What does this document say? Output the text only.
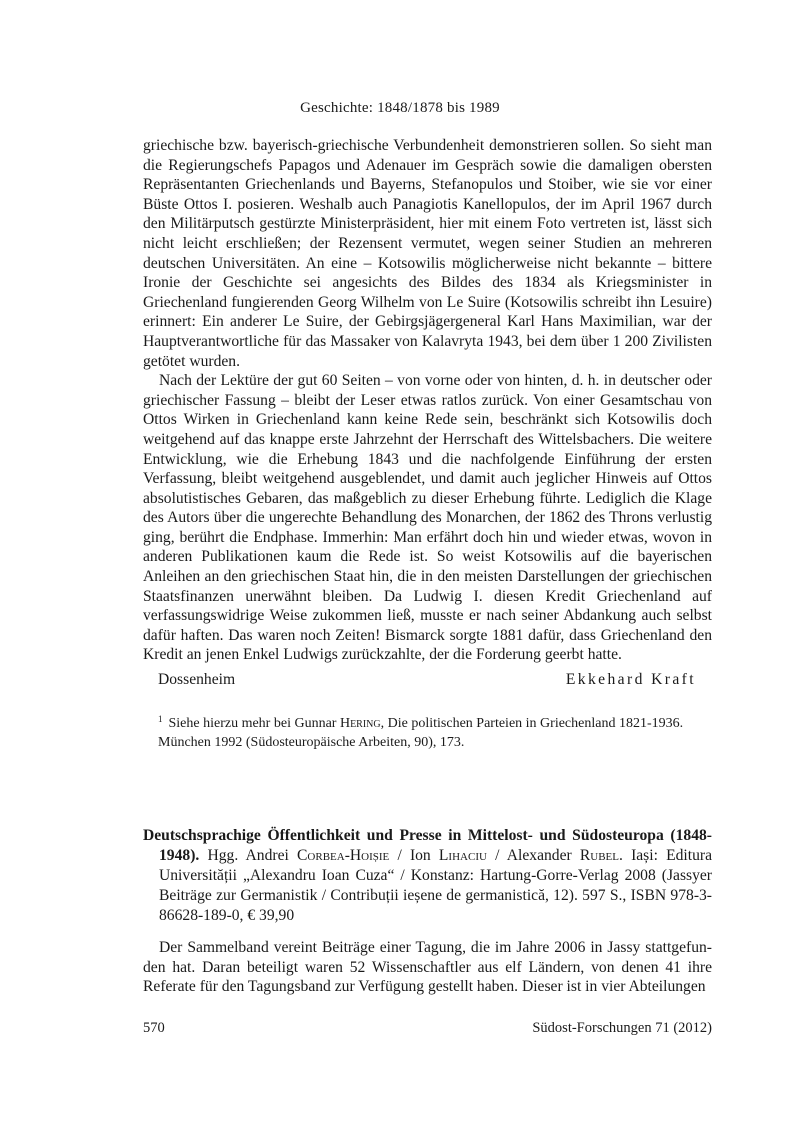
Geschichte: 1848/1878 bis 1989

griechische bzw. bayerisch-griechische Verbundenheit demonstrieren sollen. So sieht man die Regierungschefs Papagos und Adenauer im Gespräch sowie die damaligen obersten Repräsentanten Griechenlands und Bayerns, Stefanopulos und Stoiber, wie sie vor einer Büste Ottos I. posieren. Weshalb auch Panagiotis Kanellopulos, der im April 1967 durch den Militärputsch gestürzte Ministerpräsident, hier mit einem Foto vertreten ist, lässt sich nicht leicht erschließen; der Rezensent vermutet, wegen seiner Studien an mehreren deutschen Universitäten. An eine – Kotsowilis möglicherweise nicht bekannte – bittere Ironie der Geschichte sei angesichts des Bildes des 1834 als Kriegsminister in Griechenland fungierenden Georg Wilhelm von Le Suire (Kotsowilis schreibt ihn Lesuire) erinnert: Ein anderer Le Suire, der Gebirgsjägergeneral Karl Hans Maximilian, war der Hauptverantwortliche für das Massaker von Kalavryta 1943, bei dem über 1 200 Zivilisten getötet wurden.

Nach der Lektüre der gut 60 Seiten – von vorne oder von hinten, d. h. in deutscher oder griechischer Fassung – bleibt der Leser etwas ratlos zurück. Von einer Gesamtschau von Ottos Wirken in Griechenland kann keine Rede sein, beschränkt sich Kotsowilis doch weitgehend auf das knappe erste Jahrzehnt der Herrschaft des Wittelsbachers. Die weitere Entwicklung, wie die Erhebung 1843 und die nachfolgende Einführung der ersten Verfassung, bleibt weitgehend ausgeblendet, und damit auch jeglicher Hinweis auf Ottos absolutistisches Gebaren, das maßgeblich zu dieser Erhebung führte. Lediglich die Klage des Autors über die ungerechte Behandlung des Monarchen, der 1862 des Throns verlustig ging, berührt die Endphase. Immerhin: Man erfährt doch hin und wieder etwas, wovon in anderen Publikationen kaum die Rede ist. So weist Kotsowilis auf die bayerischen Anleihen an den griechischen Staat hin, die in den meisten Darstellungen der griechischen Staatsfinanzen unerwähnt bleiben. Da Ludwig I. diesen Kredit Griechenland auf verfassungswidrige Weise zukommen ließ, musste er nach seiner Abdankung auch selbst dafür haften. Das waren noch Zeiten! Bismarck sorgte 1881 dafür, dass Griechenland den Kredit an jenen Enkel Ludwigs zurückzahlte, der die Forderung geerbt hatte.

Dossenheim	Ekkehard Kraft
$^1$ Siehe hierzu mehr bei Gunnar Hering, Die politischen Parteien in Griechenland 1821-1936. München 1992 (Südosteuropäische Arbeiten, 90), 173.
Deutschsprachige Öffentlichkeit und Presse in Mittelost- und Südosteuropa (1848-1948). Hgg. Andrei Corbea-Hoișie / Ion Lihaciu / Alexander Rubel. Iași: Editura Universității „Alexandru Ioan Cuza“ / Konstanz: Hartung-Gorre-Verlag 2008 (Jassyer Beiträge zur Germanistik / Contribuții ieșene de germanistică, 12). 597 S., ISBN 978-3-86628-189-0, € 39,90

Der Sammelband vereint Beiträge einer Tagung, die im Jahre 2006 in Jassy stattgefunden hat. Daran beteiligt waren 52 Wissenschaftler aus elf Ländern, von denen 41 ihre Referate für den Tagungsband zur Verfügung gestellt haben. Dieser ist in vier Abteilungen

570	Südost-Forschungen 71 (2012)
